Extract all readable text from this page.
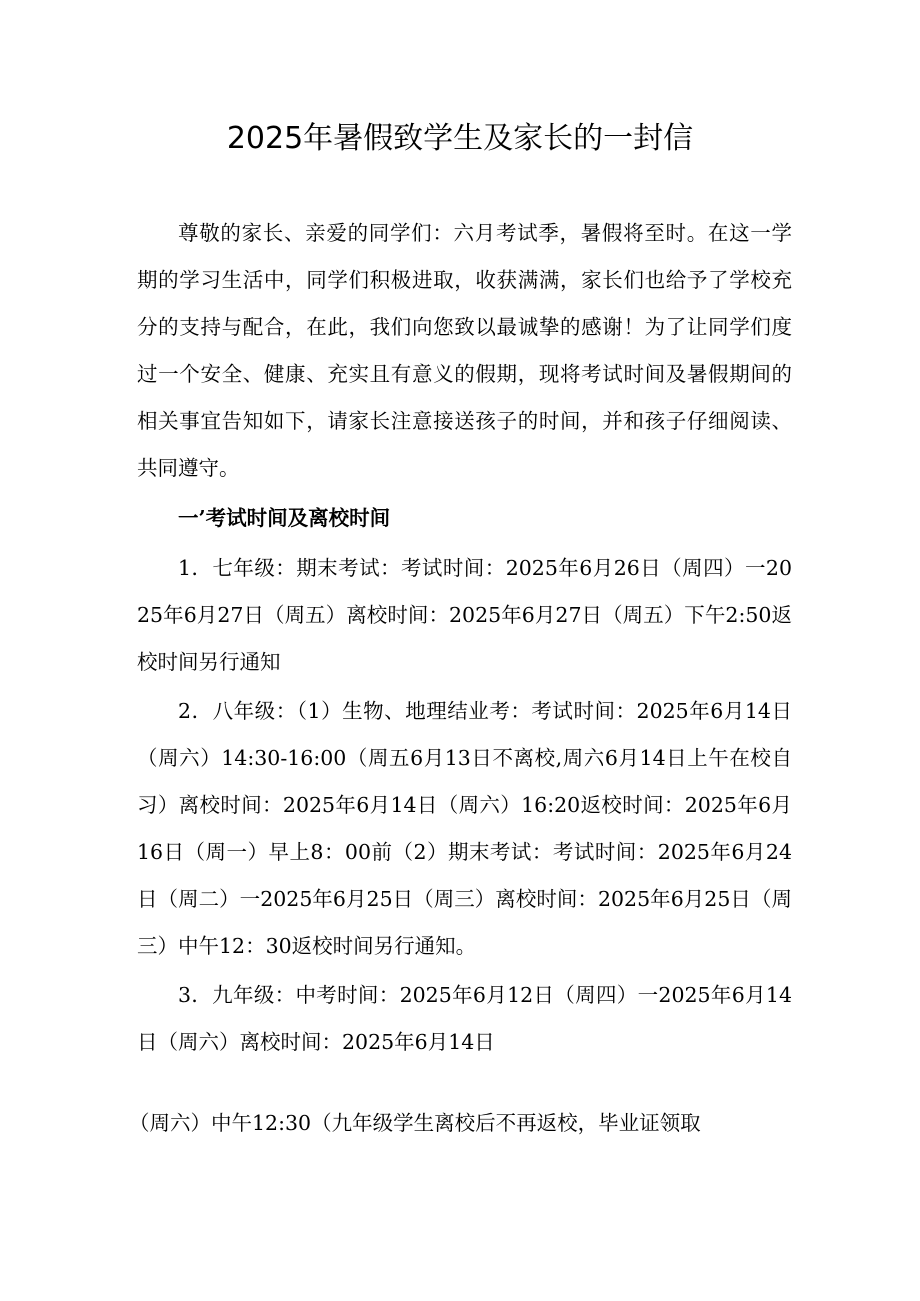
2025年暑假致学生及家长的一封信

尊敬的家长、亲爱的同学们：六月考试季，暑假将至时。在这一学期的学习生活中，同学们积极进取，收获满满，家长们也给予了学校充分的支持与配合，在此，我们向您致以最诚挚的感谢！为了让同学们度过一个安全、健康、充实且有意义的假期，现将考试时间及暑假期间的相关事宜告知如下，请家长注意接送孩子的时间，并和孩子仔细阅读、共同遵守。

一’考试时间及离校时间

1．七年级：期末考试：考试时间：2025年6月26日（周四）一2025年6月27日（周五）离校时间：2025年6月27日（周五）下午2:50返校时间另行通知

2．八年级：（1）生物、地理结业考：考试时间：2025年6月14日（周六）14:30-16:00（周五6月13日不离校,周六6月14日上午在校自习）离校时间：2025年6月14日（周六）16:20返校时间：2025年6月16日（周一）早上8：00前（2）期末考试：考试时间：2025年6月24日（周二）一2025年6月25日（周三）离校时间：2025年6月25日（周三）中午12：30返校时间另行通知。

3．九年级：中考时间：2025年6月12日（周四）一2025年6月14日（周六）离校时间：2025年6月14日

（周六）中午12:30（九年级学生离校后不再返校，毕业证领取
